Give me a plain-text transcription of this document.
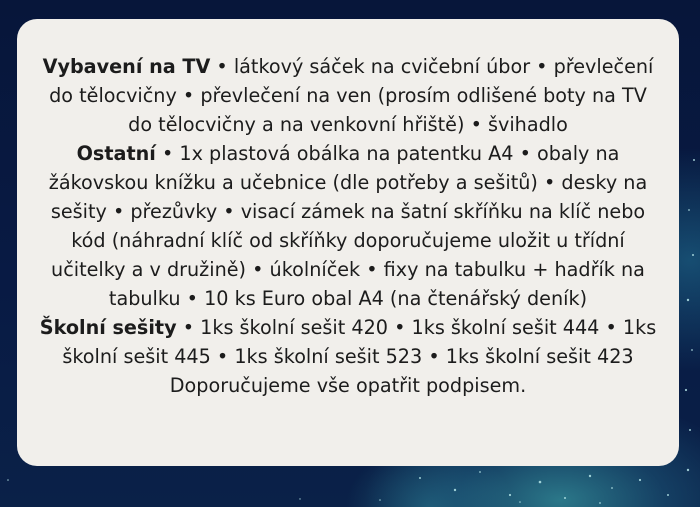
Vybavení na TV • látkový sáček na cvičební úbor • převlečení do tělocvičny • převlečení na ven (prosím odlišené boty na TV do tělocvičny a na venkovní hřiště) • švihadlo
Ostatní • 1x plastová obálka na patentku A4 • obaly na žákovskou knížku a učebnice (dle potřeby a sešitů) • desky na sešity • přezůvky • visací zámek na šatní skříňku na klíč nebo kód (náhradní klíč od skříňky doporučujeme uložit u třídní učitelky a v družině) • úkolníček • fixy na tabulku + hadřík na tabulku • 10 ks Euro obal A4 (na čtenářský deník)
Školní sešity • 1ks školní sešit 420 • 1ks školní sešit 444 • 1ks školní sešit 445 • 1ks školní sešit 523 • 1ks školní sešit 423
Doporučujeme vše opatřit podpisem.
